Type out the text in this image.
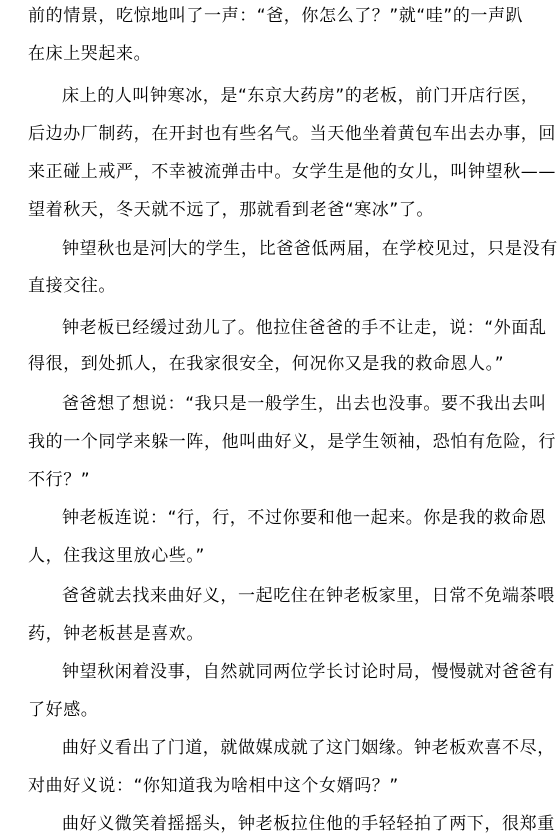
前的情景，吃惊地叫了一声：“爸，你怎么了？”就“哇”的一声趴
在床上哭起来。
床上的人叫钟寒冰，是“东京大药房”的老板，前门开店行医，
后边办厂制药，在开封也有些名气。当天他坐着黄包车出去办事，回
来正碰上戒严，不幸被流弹击中。女学生是他的女儿，叫钟望秋——
望着秋天，冬天就不远了，那就看到老爸“寒冰”了。
钟望秋也是河 大的学生，比爸爸低两届，在学校见过，只是没有
直接交往。
钟老板已经缓过劲儿了。他拉住爸爸的手不让走，说：“外面乱
得很，到处抓人，在我家很安全，何况你又是我的救命恩人。”
爸爸想了想说：“我只是一般学生，出去也没事。要不我出去叫
我的一个同学来躲一阵，他叫曲好义，是学生领袖，恐怕有危险，行
不行？”
钟老板连说：“行，行，不过你要和他一起来。你是我的救命恩
人，住我这里放心些。”
爸爸就去找来曲好义，一起吃住在钟老板家里，日常不免端茶喂
药，钟老板甚是喜欢。
钟望秋闲着没事，自然就同两位学长讨论时局，慢慢就对爸爸有
了好感。
曲好义看出了门道，就做媒成就了这门姻缘。钟老板欢喜不尽，
对曲好义说：“你知道我为啥相中这个女婿吗？”
曲好义微笑着摇摇头，钟老板拉住他的手轻轻拍了两下，很郑重
